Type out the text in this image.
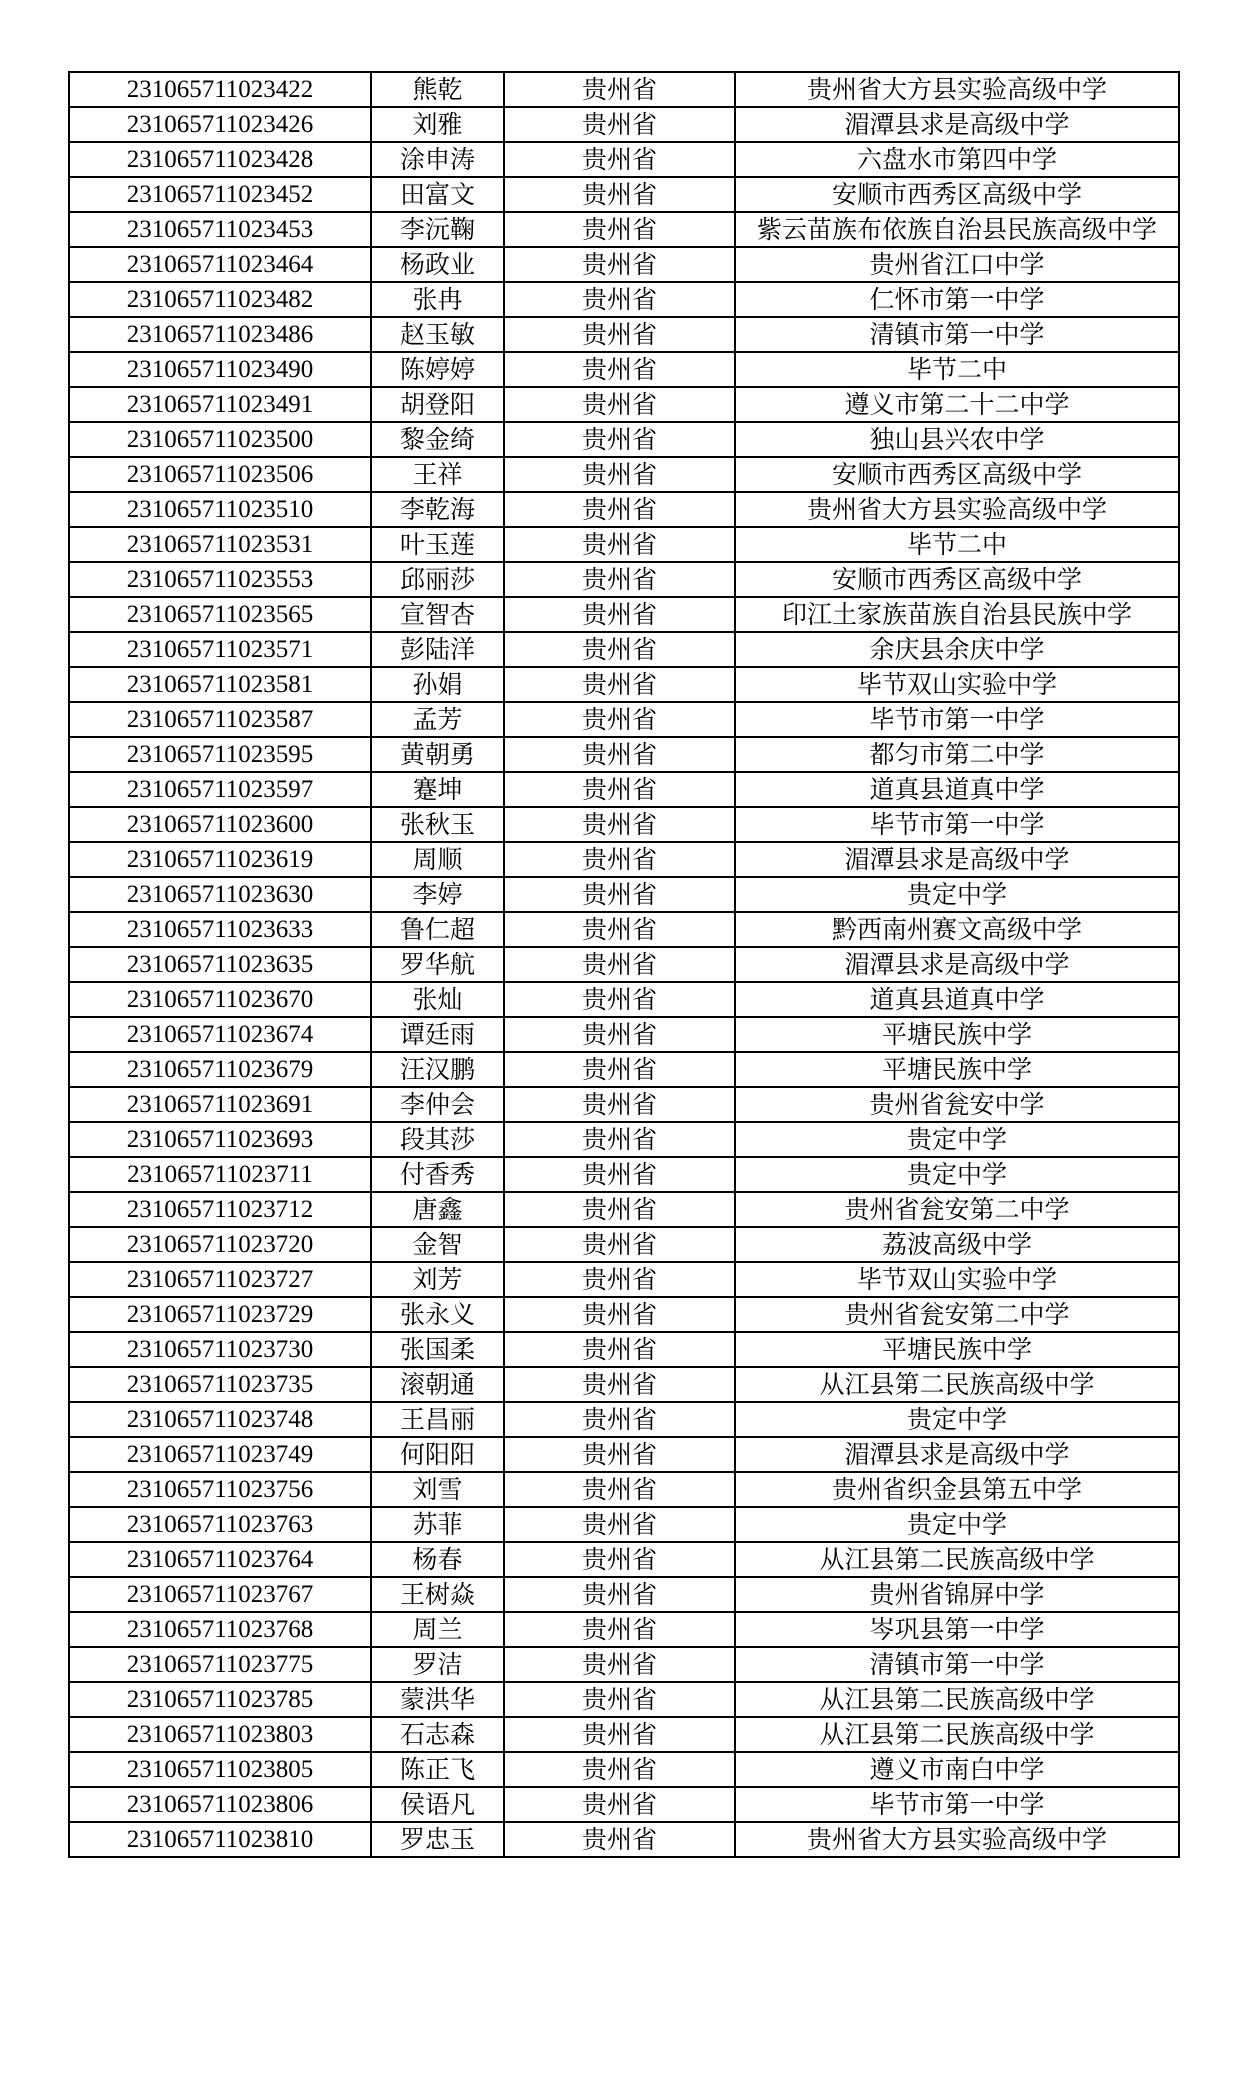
231065711023422	熊乾	贵州省	贵州省大方县实验高级中学
231065711023426	刘雅	贵州省	湄潭县求是高级中学
231065711023428	涂申涛	贵州省	六盘水市第四中学
231065711023452	田富文	贵州省	安顺市西秀区高级中学
231065711023453	李沅鞠	贵州省	紫云苗族布依族自治县民族高级中学
231065711023464	杨政业	贵州省	贵州省江口中学
231065711023482	张冉	贵州省	仁怀市第一中学
231065711023486	赵玉敏	贵州省	清镇市第一中学
231065711023490	陈婷婷	贵州省	毕节二中
231065711023491	胡登阳	贵州省	遵义市第二十二中学
231065711023500	黎金绮	贵州省	独山县兴农中学
231065711023506	王祥	贵州省	安顺市西秀区高级中学
231065711023510	李乾海	贵州省	贵州省大方县实验高级中学
231065711023531	叶玉莲	贵州省	毕节二中
231065711023553	邱丽莎	贵州省	安顺市西秀区高级中学
231065711023565	宣智杏	贵州省	印江土家族苗族自治县民族中学
231065711023571	彭陆洋	贵州省	余庆县余庆中学
231065711023581	孙娟	贵州省	毕节双山实验中学
231065711023587	孟芳	贵州省	毕节市第一中学
231065711023595	黄朝勇	贵州省	都匀市第二中学
231065711023597	蹇坤	贵州省	道真县道真中学
231065711023600	张秋玉	贵州省	毕节市第一中学
231065711023619	周顺	贵州省	湄潭县求是高级中学
231065711023630	李婷	贵州省	贵定中学
231065711023633	鲁仁超	贵州省	黔西南州赛文高级中学
231065711023635	罗华航	贵州省	湄潭县求是高级中学
231065711023670	张灿	贵州省	道真县道真中学
231065711023674	谭廷雨	贵州省	平塘民族中学
231065711023679	汪汉鹏	贵州省	平塘民族中学
231065711023691	李仲会	贵州省	贵州省瓮安中学
231065711023693	段其莎	贵州省	贵定中学
231065711023711	付香秀	贵州省	贵定中学
231065711023712	唐鑫	贵州省	贵州省瓮安第二中学
231065711023720	金智	贵州省	荔波高级中学
231065711023727	刘芳	贵州省	毕节双山实验中学
231065711023729	张永义	贵州省	贵州省瓮安第二中学
231065711023730	张国柔	贵州省	平塘民族中学
231065711023735	滚朝通	贵州省	从江县第二民族高级中学
231065711023748	王昌丽	贵州省	贵定中学
231065711023749	何阳阳	贵州省	湄潭县求是高级中学
231065711023756	刘雪	贵州省	贵州省织金县第五中学
231065711023763	苏菲	贵州省	贵定中学
231065711023764	杨春	贵州省	从江县第二民族高级中学
231065711023767	王树焱	贵州省	贵州省锦屏中学
231065711023768	周兰	贵州省	岑巩县第一中学
231065711023775	罗洁	贵州省	清镇市第一中学
231065711023785	蒙洪华	贵州省	从江县第二民族高级中学
231065711023803	石志森	贵州省	从江县第二民族高级中学
231065711023805	陈正飞	贵州省	遵义市南白中学
231065711023806	侯语凡	贵州省	毕节市第一中学
231065711023810	罗忠玉	贵州省	贵州省大方县实验高级中学
